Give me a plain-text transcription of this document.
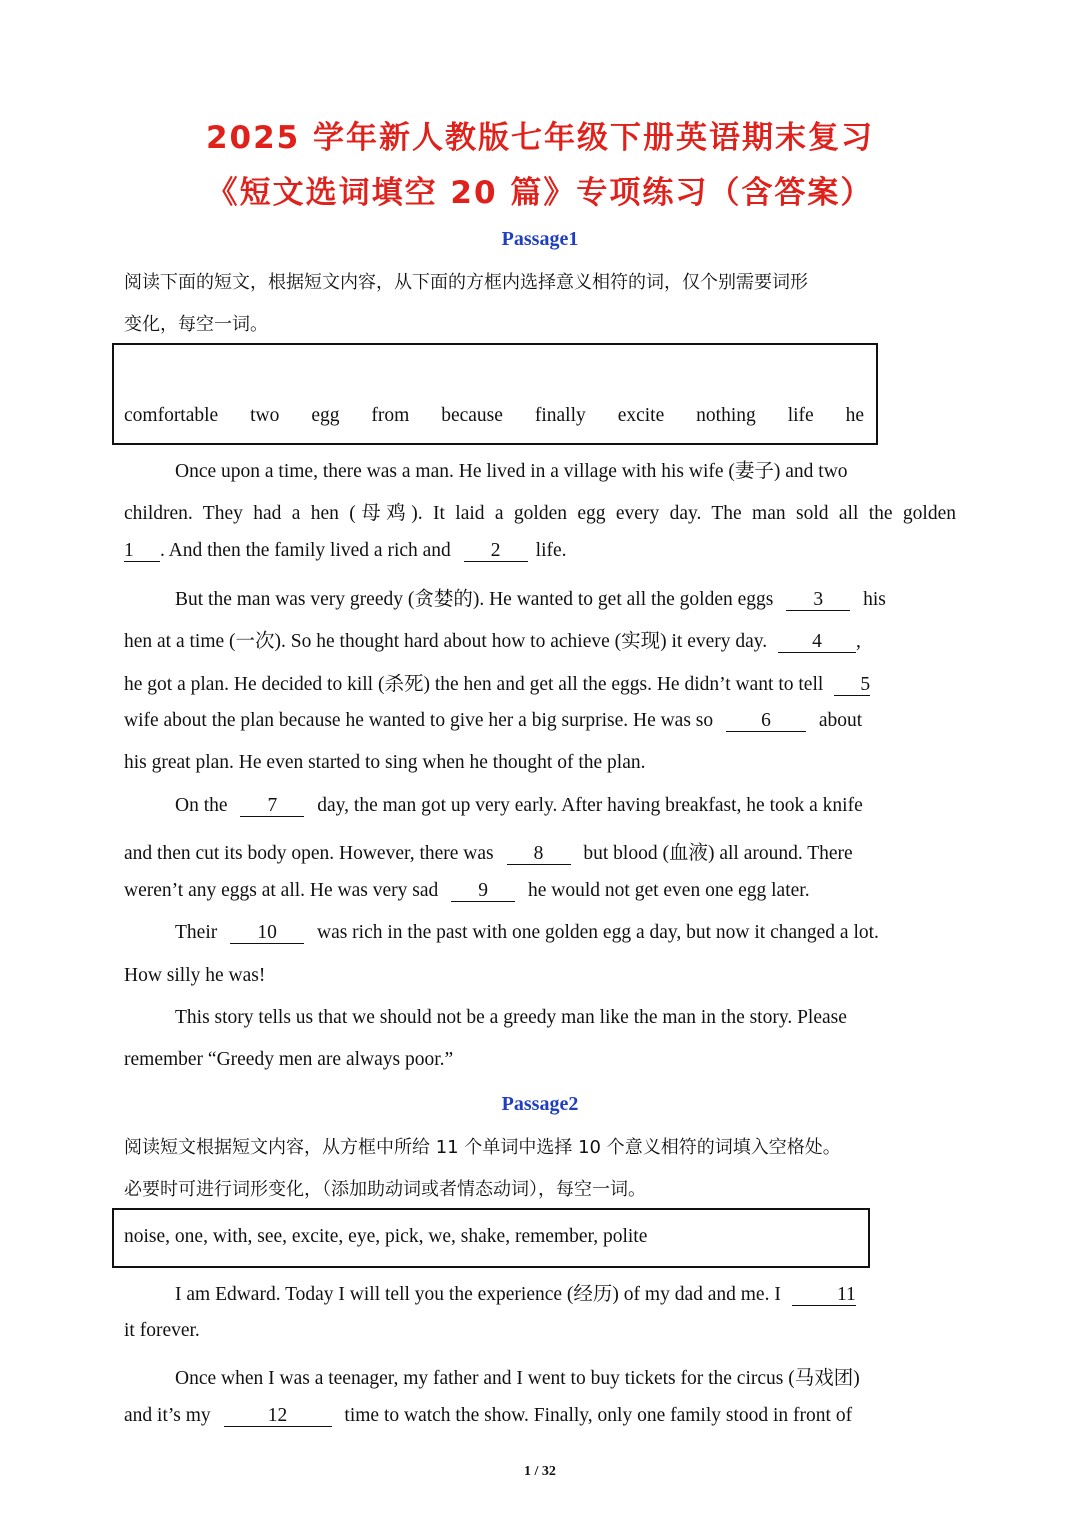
2025 学年新人教版七年级下册英语期末复习
《短文选词填空 20 篇》专项练习（含答案）
Passage1
阅读下面的短文，根据短文内容，从下面的方框内选择意义相符的词，仅个别需要词形
变化，每空一词。
comfortable two egg from because finally excite nothing life he
Once upon a time, there was a man. He lived in a village with his wife (妻子) and two
children. They had a hen (母鸡). It laid a golden egg every day. The man sold all the golden
1 . And then the family lived a rich and 2 life.
But the man was very greedy (贪婪的). He wanted to get all the golden eggs 3 his
hen at a time (一次). So he thought hard about how to achieve (实现) it every day. 4 ,
he got a plan. He decided to kill (杀死) the hen and get all the eggs. He didn’t want to tell 5
wife about the plan because he wanted to give her a big surprise. He was so 6 about
his great plan. He even started to sing when he thought of the plan.
On the 7 day, the man got up very early. After having breakfast, he took a knife
and then cut its body open. However, there was 8 but blood (血液) all around. There
weren’t any eggs at all. He was very sad 9 he would not get even one egg later.
Their 10 was rich in the past with one golden egg a day, but now it changed a lot.
How silly he was!
This story tells us that we should not be a greedy man like the man in the story. Please
remember “Greedy men are always poor.”
Passage2
阅读短文根据短文内容，从方框中所给 11 个单词中选择 10 个意义相符的词填入空格处。
必要时可进行词形变化，（添加助动词或者情态动词），每空一词。
noise, one, with, see, excite, eye, pick, we, shake, remember, polite
I am Edward. Today I will tell you the experience (经历) of my dad and me. I	11
it forever.
Once when I was a teenager, my father and I went to buy tickets for the circus (马戏团)
and it’s my	12	time to watch the show. Finally, only one family stood in front of
1 / 32
